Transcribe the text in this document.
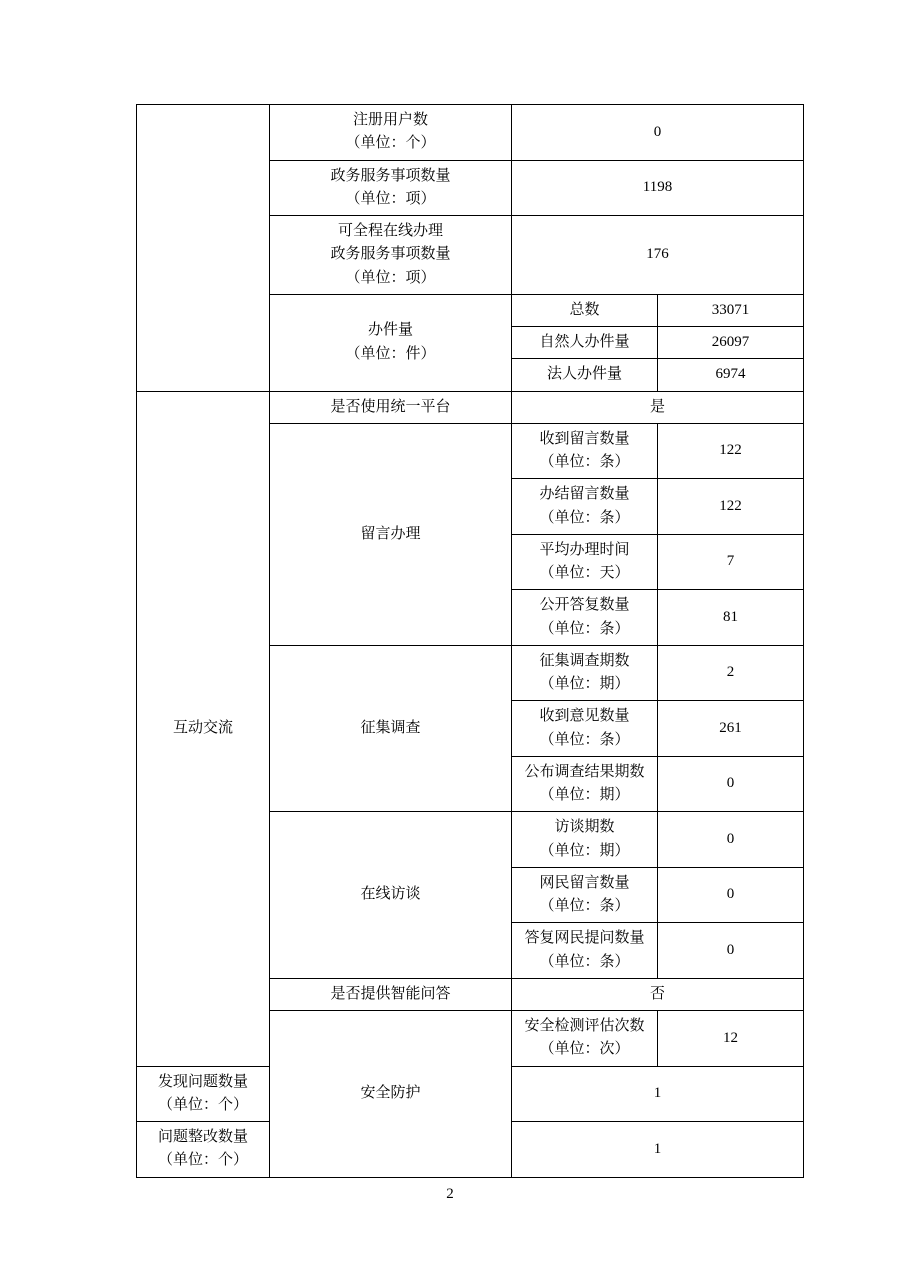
	注册用户数
（单位：个）	0	

	政务服务事项数量
（单位：项）	1198	

	可全程在线办理
政务服务事项数量
（单位：项）	176	

	办件量
（单位：件）	总数	33071
		自然人办件量	26097
		法人办件量	6974
互动交流	是否使用统一平台	是	
	留言办理	收到留言数量
（单位：条）	122

		办结留言数量
（单位：条）	122

		平均办理时间
（单位：天）	7

		公开答复数量
（单位：条）	81
	征集调查	征集调查期数
（单位：期）	2

		收到意见数量
（单位：条）	261

		公布调查结果期数
（单位：期）	0
	在线访谈	访谈期数
（单位：期）	0

		网民留言数量
（单位：条）	0

		答复网民提问数量
（单位：条）	0
	是否提供智能问答	否	
	安全防护	安全检测评估次数
（单位：次）	12

发现问题数量
（单位：个）		1	

问题整改数量
（单位：个）		1	
2
